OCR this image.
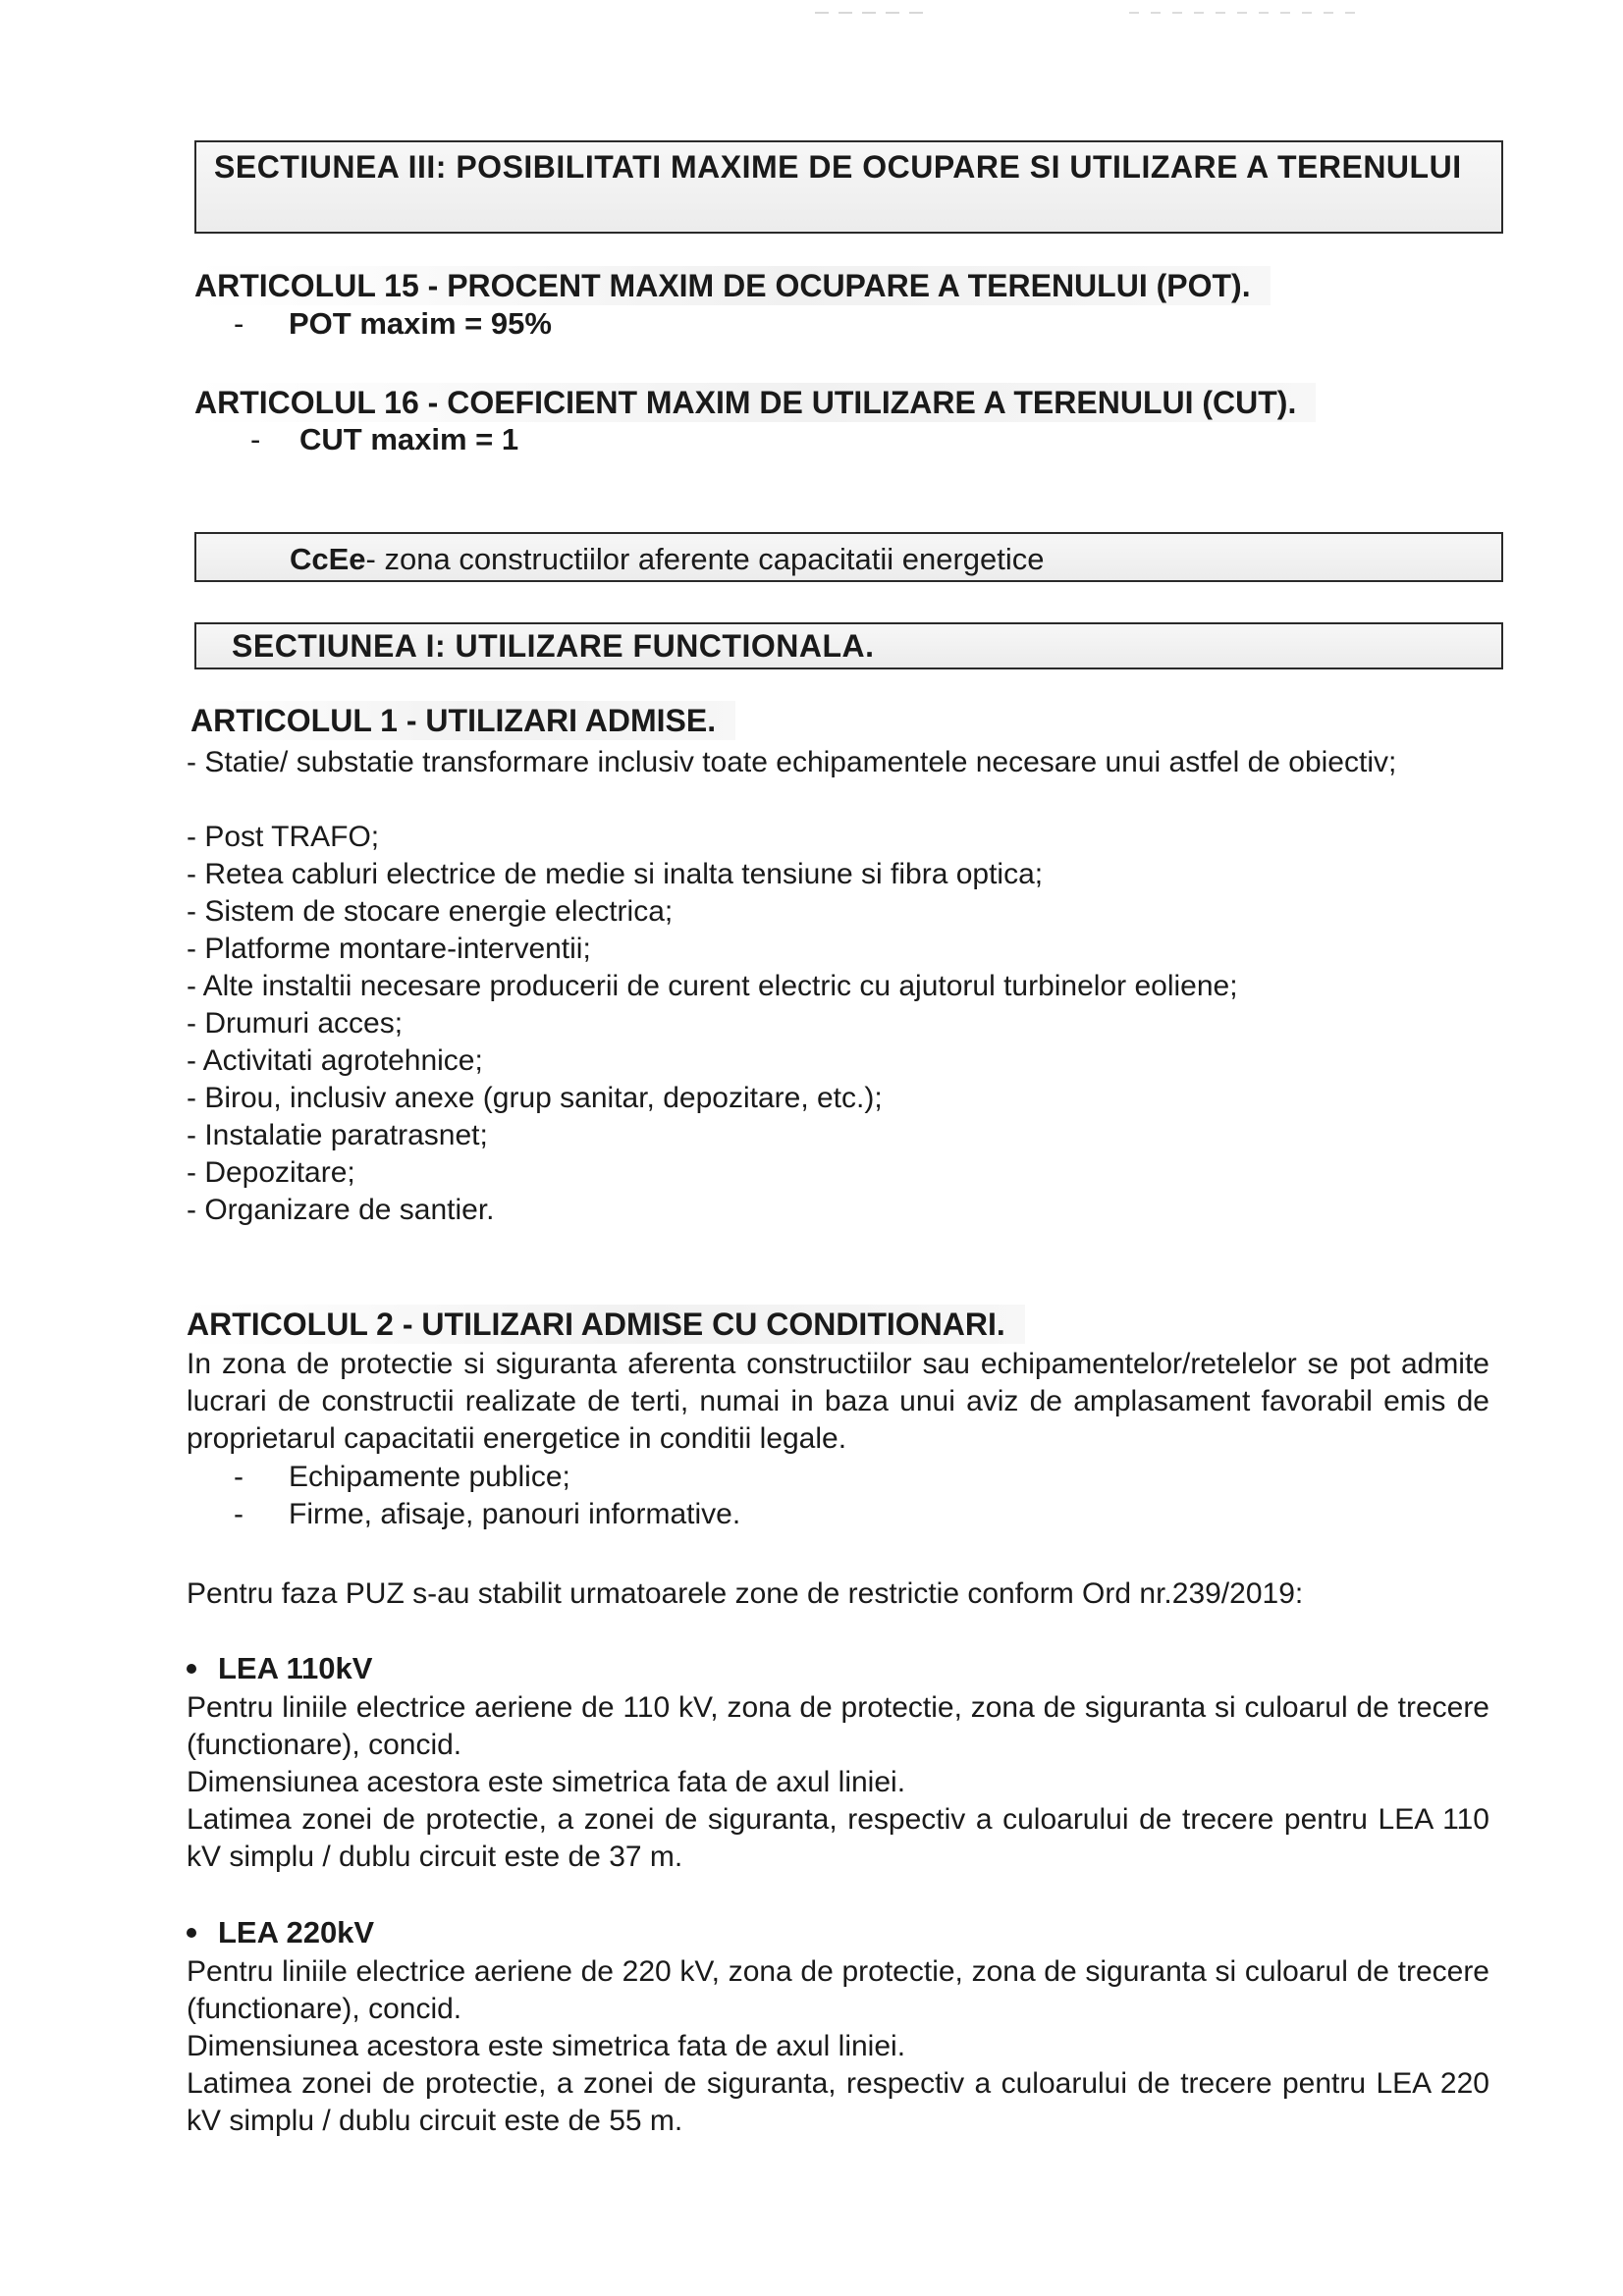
SECTIUNEA III: POSIBILITATI MAXIME DE OCUPARE SI UTILIZARE A TERENULUI
ARTICOLUL 15 - PROCENT MAXIM DE OCUPARE A TERENULUI (POT).
- POT maxim = 95%
ARTICOLUL 16 - COEFICIENT MAXIM DE UTILIZARE A TERENULUI (CUT).
- CUT maxim = 1
CcEe- zona constructiilor aferente capacitatii energetice
SECTIUNEA I: UTILIZARE FUNCTIONALA.
ARTICOLUL 1 - UTILIZARI ADMISE.
- Statie/ substatie transformare inclusiv toate echipamentele necesare unui astfel de obiectiv;
- Post TRAFO;
- Retea cabluri electrice de medie si inalta tensiune si fibra optica;
- Sistem de stocare energie electrica;
- Platforme montare-interventii;
- Alte instaltii necesare producerii de curent electric cu ajutorul turbinelor eoliene;
- Drumuri acces;
- Activitati agrotehnice;
- Birou, inclusiv anexe (grup sanitar, depozitare, etc.);
- Instalatie paratrasnet;
- Depozitare;
- Organizare de santier.
ARTICOLUL 2 - UTILIZARI ADMISE CU CONDITIONARI.
In zona de protectie si siguranta aferenta constructiilor sau echipamentelor/retelelor se pot admite lucrari de constructii realizate de terti, numai in baza unui aviz de amplasament favorabil emis de proprietarul capacitatii energetice in conditii legale.
- Echipamente publice;
- Firme, afisaje, panouri informative.
Pentru faza PUZ s-au stabilit urmatoarele zone de restrictie conform Ord nr.239/2019:
LEA 110kV
Pentru liniile electrice aeriene de 110 kV, zona de protectie, zona de siguranta si culoarul de trecere (functionare), concid.
Dimensiunea acestora este simetrica fata de axul liniei.
Latimea zonei de protectie, a zonei de siguranta, respectiv a culoarului de trecere pentru LEA 110 kV simplu / dublu circuit este de 37 m.
LEA 220kV
Pentru liniile electrice aeriene de 220 kV, zona de protectie, zona de siguranta si culoarul de trecere (functionare), concid.
Dimensiunea acestora este simetrica fata de axul liniei.
Latimea zonei de protectie, a zonei de siguranta, respectiv a culoarului de trecere pentru LEA 220 kV simplu / dublu circuit este de 55 m.
